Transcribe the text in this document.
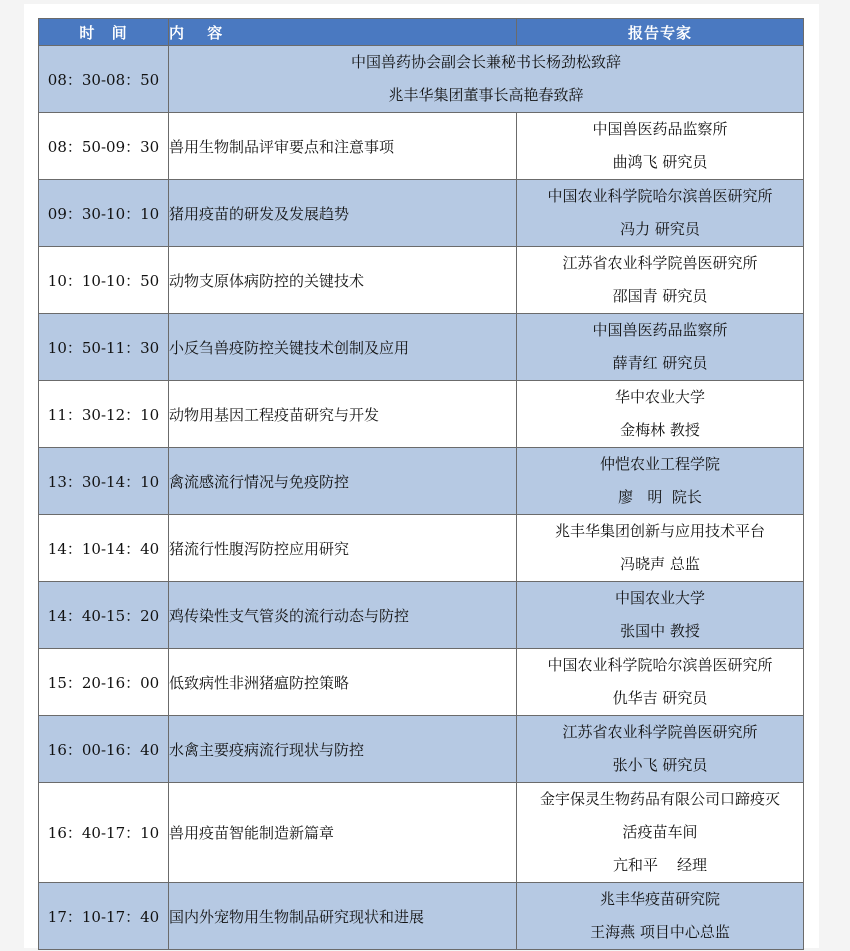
时 间	内 容	报告专家
08：30-08：50	中国兽药协会副会长兼秘书长杨劲松致辞
兆丰华集团董事长高艳春致辞	

08：50-09：30	兽用生物制品评审要点和注意事项	中国兽医药品监察所
曲鸿飞 研究员

09：30-10：10	猪用疫苗的研发及发展趋势	中国农业科学院哈尔滨兽医研究所
冯力 研究员

10：10-10：50	动物支原体病防控的关键技术	江苏省农业科学院兽医研究所
邵国青 研究员

10：50-11：30	小反刍兽疫防控关键技术创制及应用	中国兽医药品监察所
薛青红 研究员

11：30-12：10	动物用基因工程疫苗研究与开发	华中农业大学
金梅林 教授

13：30-14：10	禽流感流行情况与免疫防控	仲恺农业工程学院
廖   明  院长

14：10-14：40	猪流行性腹泻防控应用研究	兆丰华集团创新与应用技术平台
冯晓声 总监

14：40-15：20	鸡传染性支气管炎的流行动态与防控	中国农业大学
张国中 教授

15：20-16：00	低致病性非洲猪瘟防控策略	中国农业科学院哈尔滨兽医研究所
仇华吉 研究员

16：00-16：40	水禽主要疫病流行现状与防控	江苏省农业科学院兽医研究所
张小飞 研究员

16：40-17：10	兽用疫苗智能制造新篇章	金宇保灵生物药品有限公司口蹄疫灭
活疫苗车间
亢和平    经理

17：10-17：40	国内外宠物用生物制品研究现状和进展	兆丰华疫苗研究院
王海燕 项目中心总监
